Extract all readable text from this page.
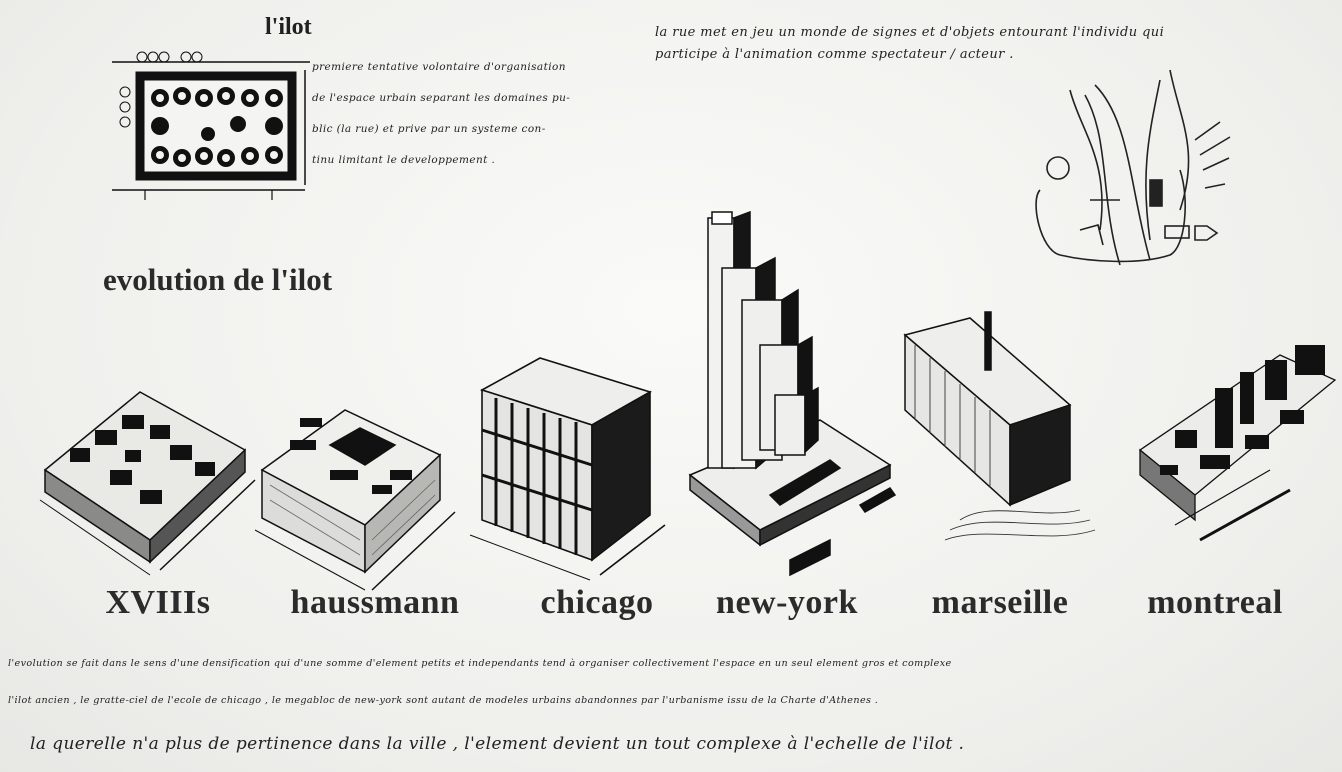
l'ilot
premiere tentative volontaire d'organisation
de l'espace urbain separant les domaines pu-
blic (la rue) et prive par un systeme con-
tinu limitant le developpement .
la rue met en jeu un monde de signes et d'objets entourant l'individu qui
participe à l'animation comme spectateur / acteur .
evolution de l'ilot
XVIIIs haussmann chicago new-york marseille montreal
l'evolution se fait dans le sens d'une densification qui d'une somme d'element petits et independants tend à organiser collectivement l'espace en un seul element gros et complexe
l'ilot ancien , le gratte-ciel de l'ecole de chicago , le megabloc de new-york sont autant de modeles urbains abandonnes par l'urbanisme issu de la Charte d'Athenes .
la querelle n'a plus de pertinence dans la ville , l'element devient un tout complexe à l'echelle de l'ilot .
